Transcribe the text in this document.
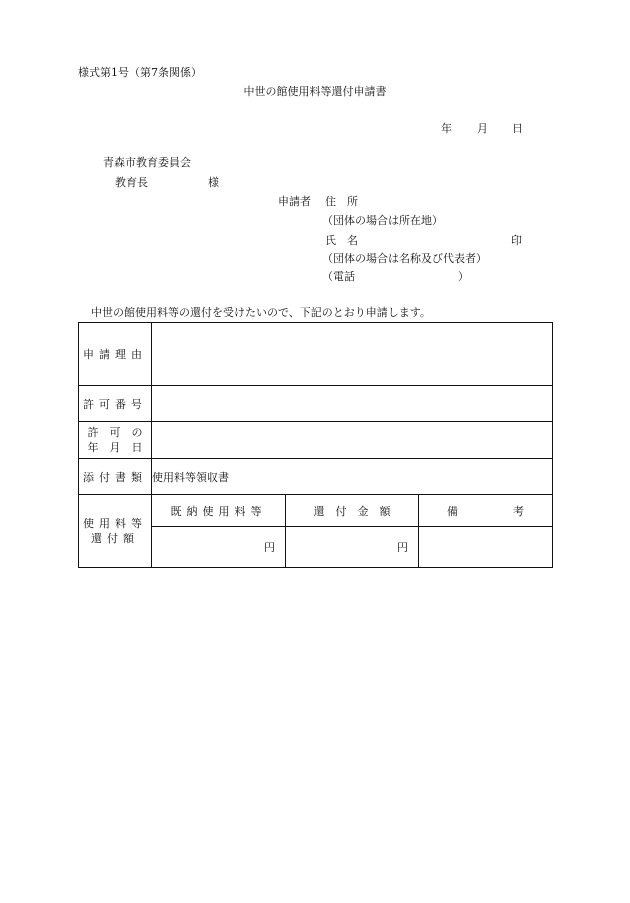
様式第1号（第7条関係）
中世の館使用料等還付申請書
年 月 日
青森市教育委員会
教育長	様
申請者 住　所
（団体の場合は所在地）
氏　名	印
（団体の場合は名称及び代表者）
（電話	）
中世の館使用料等の還付を受けたいので、下記のとおり申請します。
申請理由			
許可番号			

許　可　の
年　月　日			

添付書類	使用料等領収書		

使用料等
還付額	既納使用料等	還　付　金　額	備　　　　　考
	円	円	
